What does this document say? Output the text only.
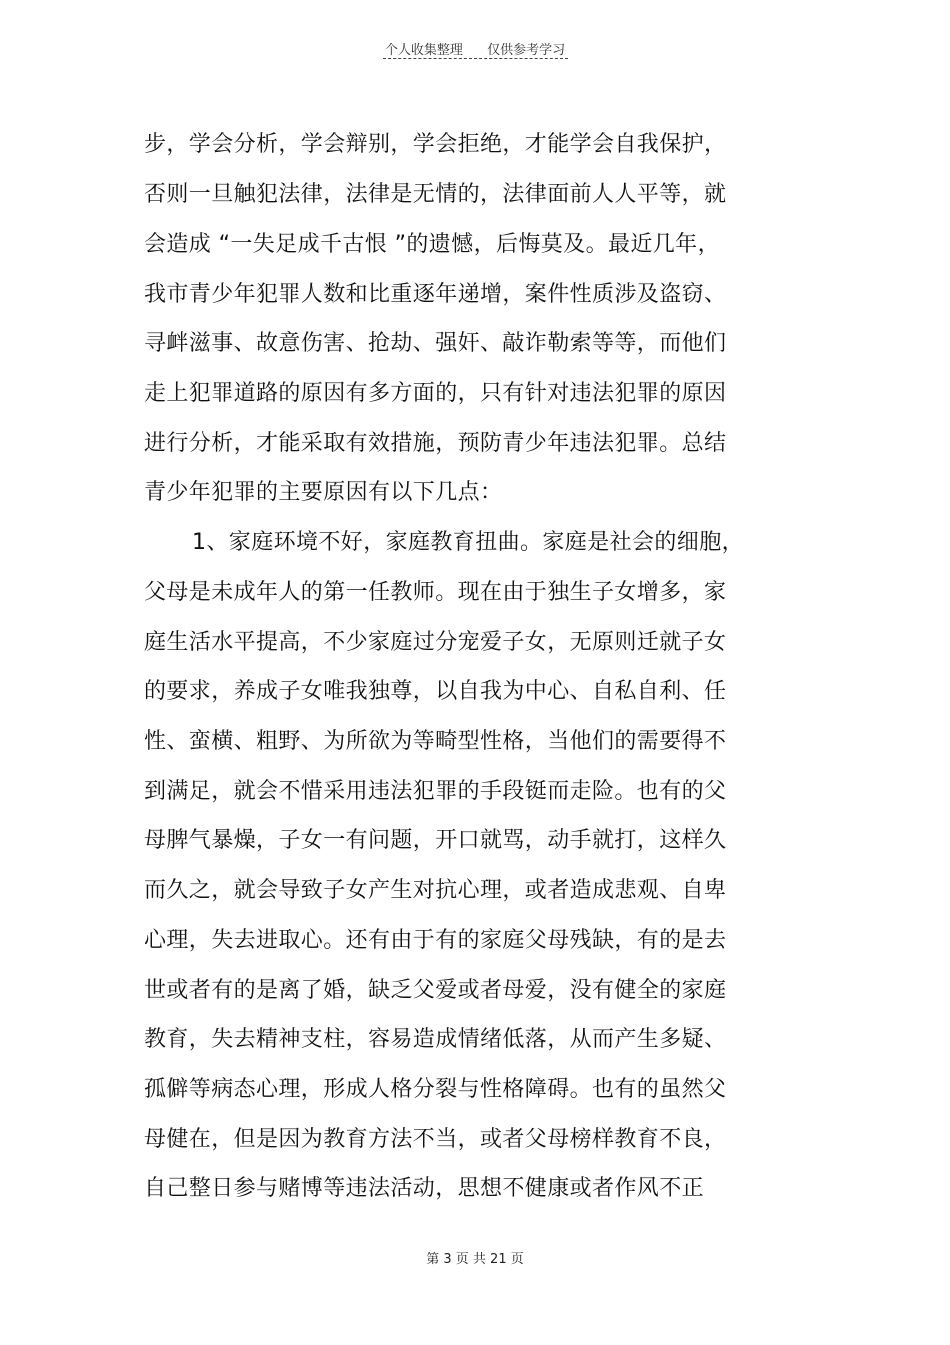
个人收集整理 仅供参考学习
步，学会分析，学会辩别，学会拒绝，才能学会自我保护，
否则一旦触犯法律，法律是无情的，法律面前人人平等，就
会造成 “一失足成千古恨 ”的遗憾，后悔莫及。最近几年，
我市青少年犯罪人数和比重逐年递增，案件性质涉及盗窃、
寻衅滋事、故意伤害、抢劫、强奸、敲诈勒索等等，而他们
走上犯罪道路的原因有多方面的，只有针对违法犯罪的原因
进行分析，才能采取有效措施，预防青少年违法犯罪。总结
青少年犯罪的主要原因有以下几点：
1、家庭环境不好，家庭教育扭曲。家庭是社会的细胞，
父母是未成年人的第一任教师。现在由于独生子女增多，家
庭生活水平提高，不少家庭过分宠爱子女，无原则迁就子女
的要求，养成子女唯我独尊，以自我为中心、自私自利、任
性、蛮横、粗野、为所欲为等畸型性格，当他们的需要得不
到满足，就会不惜采用违法犯罪的手段铤而走险。也有的父
母脾气暴燥，子女一有问题，开口就骂，动手就打，这样久
而久之，就会导致子女产生对抗心理，或者造成悲观、自卑
心理，失去进取心。还有由于有的家庭父母残缺，有的是去
世或者有的是离了婚，缺乏父爱或者母爱，没有健全的家庭
教育，失去精神支柱，容易造成情绪低落，从而产生多疑、
孤僻等病态心理，形成人格分裂与性格障碍。也有的虽然父
母健在，但是因为教育方法不当，或者父母榜样教育不良，
自己整日参与赌博等违法活动，思想不健康或者作风不正
第 3 页 共 21 页
